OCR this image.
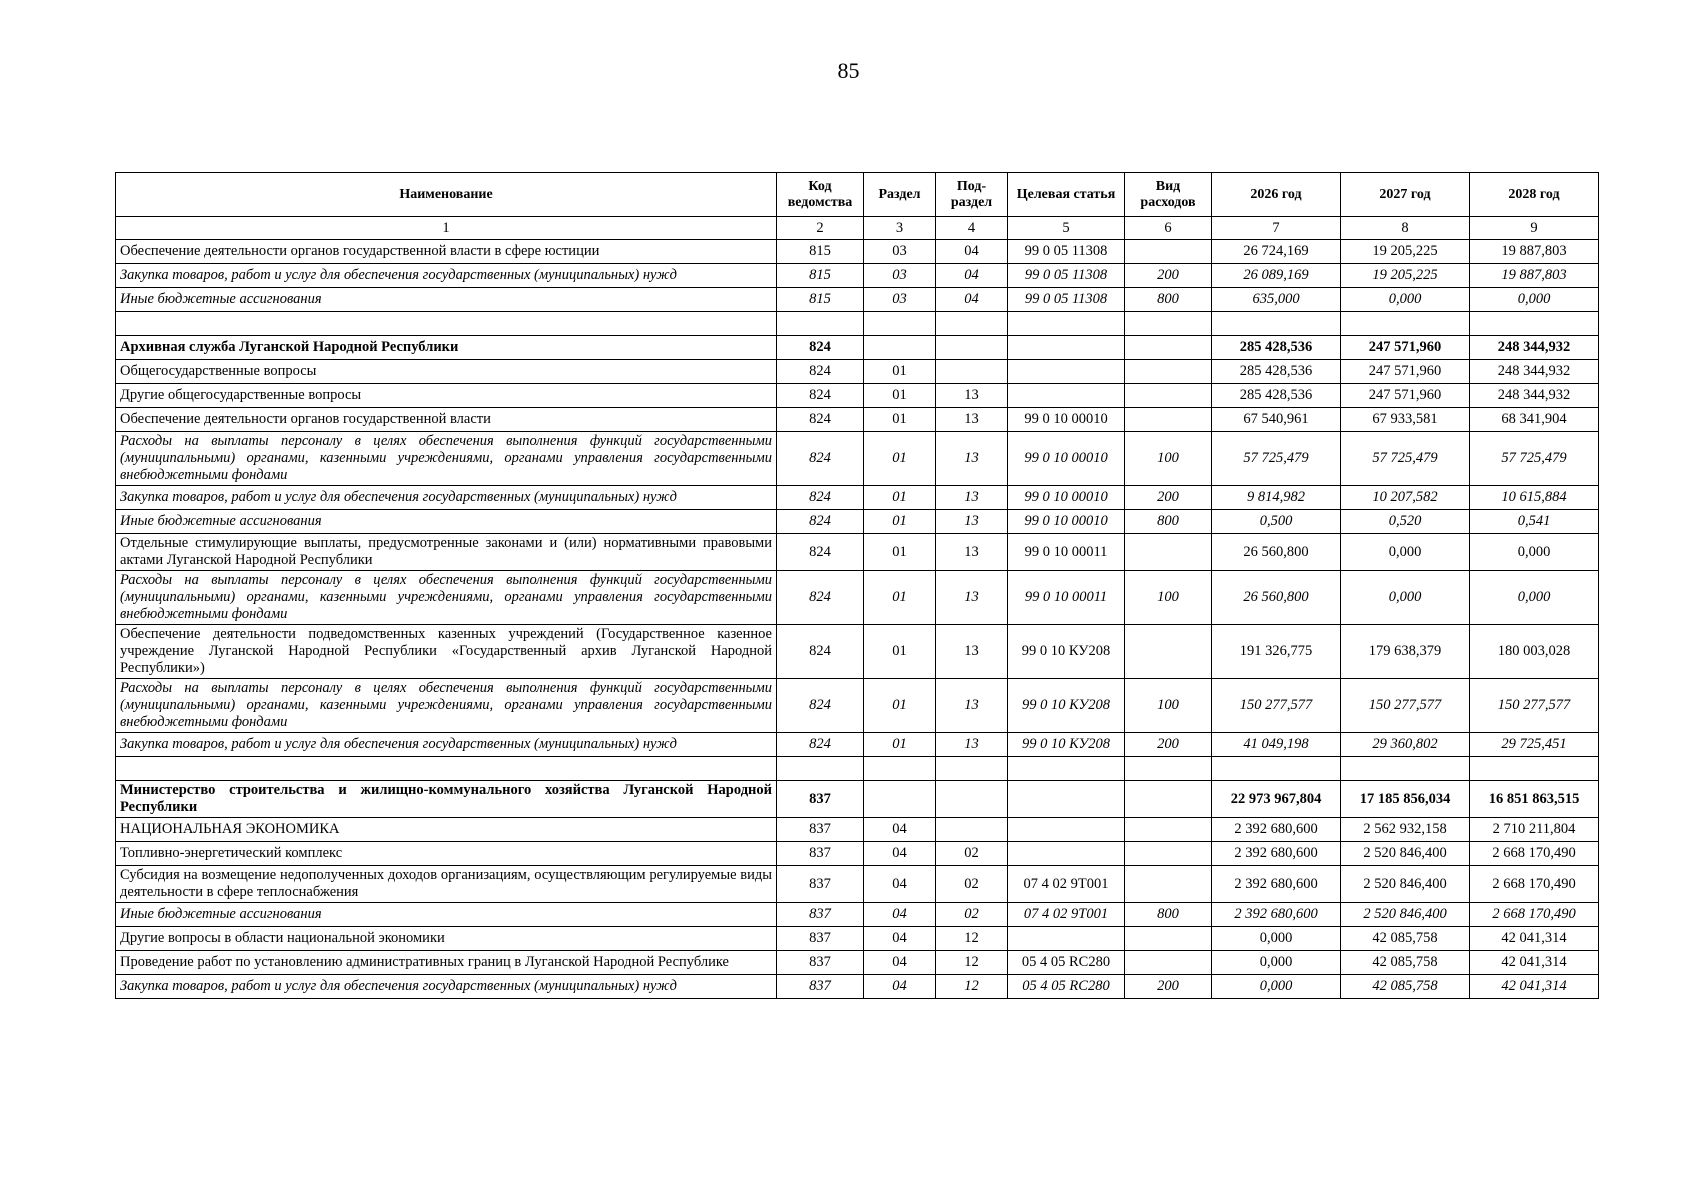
85
Наименование	Код ведомства	Раздел	Под-раздел	Целевая статья	Вид расходов	2026 год	2027 год	2028 год
1	2	3	4	5	6	7	8	9
Обеспечение деятельности органов государственной власти в сфере юстиции	815	03	04	99 0 05 11308		26 724,169	19 205,225	19 887,803
Закупка товаров, работ и услуг для обеспечения государственных (муниципальных) нужд	815	03	04	99 0 05 11308	200	26 089,169	19 205,225	19 887,803
Иные бюджетные ассигнования	815	03	04	99 0 05 11308	800	635,000	0,000	0,000

Архивная служба Луганской Народной Республики	824					285 428,536	247 571,960	248 344,932
Общегосударственные вопросы	824	01				285 428,536	247 571,960	248 344,932
Другие общегосударственные вопросы	824	01	13			285 428,536	247 571,960	248 344,932
Обеспечение деятельности органов государственной власти	824	01	13	99 0 10 00010		67 540,961	67 933,581	68 341,904
Расходы на выплаты персоналу в целях обеспечения выполнения функций государственными (муниципальными) органами, казенными учреждениями, органами управления государственными внебюджетными фондами	824	01	13	99 0 10 00010	100	57 725,479	57 725,479	57 725,479
Закупка товаров, работ и услуг для обеспечения государственных (муниципальных) нужд	824	01	13	99 0 10 00010	200	9 814,982	10 207,582	10 615,884
Иные бюджетные ассигнования	824	01	13	99 0 10 00010	800	0,500	0,520	0,541
Отдельные стимулирующие выплаты, предусмотренные законами и (или) нормативными правовыми актами Луганской Народной Республики	824	01	13	99 0 10 00011		26 560,800	0,000	0,000
Расходы на выплаты персоналу в целях обеспечения выполнения функций государственными (муниципальными) органами, казенными учреждениями, органами управления государственными внебюджетными фондами	824	01	13	99 0 10 00011	100	26 560,800	0,000	0,000
Обеспечение деятельности подведомственных казенных учреждений (Государственное казенное учреждение Луганской Народной Республики «Государственный архив Луганской Народной Республики»)	824	01	13	99 0 10 КУ208		191 326,775	179 638,379	180 003,028
Расходы на выплаты персоналу в целях обеспечения выполнения функций государственными (муниципальными) органами, казенными учреждениями, органами управления государственными внебюджетными фондами	824	01	13	99 0 10 КУ208	100	150 277,577	150 277,577	150 277,577
Закупка товаров, работ и услуг для обеспечения государственных (муниципальных) нужд	824	01	13	99 0 10 КУ208	200	41 049,198	29 360,802	29 725,451

Министерство строительства и жилищно-коммунального хозяйства Луганской Народной Республики	837					22 973 967,804	17 185 856,034	16 851 863,515
НАЦИОНАЛЬНАЯ ЭКОНОМИКА	837	04				2 392 680,600	2 562 932,158	2 710 211,804
Топливно-энергетический комплекс	837	04	02			2 392 680,600	2 520 846,400	2 668 170,490
Субсидия на возмещение недополученных доходов организациям, осуществляющим регулируемые виды деятельности в сфере теплоснабжения	837	04	02	07 4 02 9Т001		2 392 680,600	2 520 846,400	2 668 170,490
Иные бюджетные ассигнования	837	04	02	07 4 02 9Т001	800	2 392 680,600	2 520 846,400	2 668 170,490
Другие вопросы в области национальной экономики	837	04	12			0,000	42 085,758	42 041,314
Проведение работ по установлению административных границ в Луганской Народной Республике	837	04	12	05 4 05 RС280		0,000	42 085,758	42 041,314
Закупка товаров, работ и услуг для обеспечения государственных (муниципальных) нужд	837	04	12	05 4 05 RС280	200	0,000	42 085,758	42 041,314
